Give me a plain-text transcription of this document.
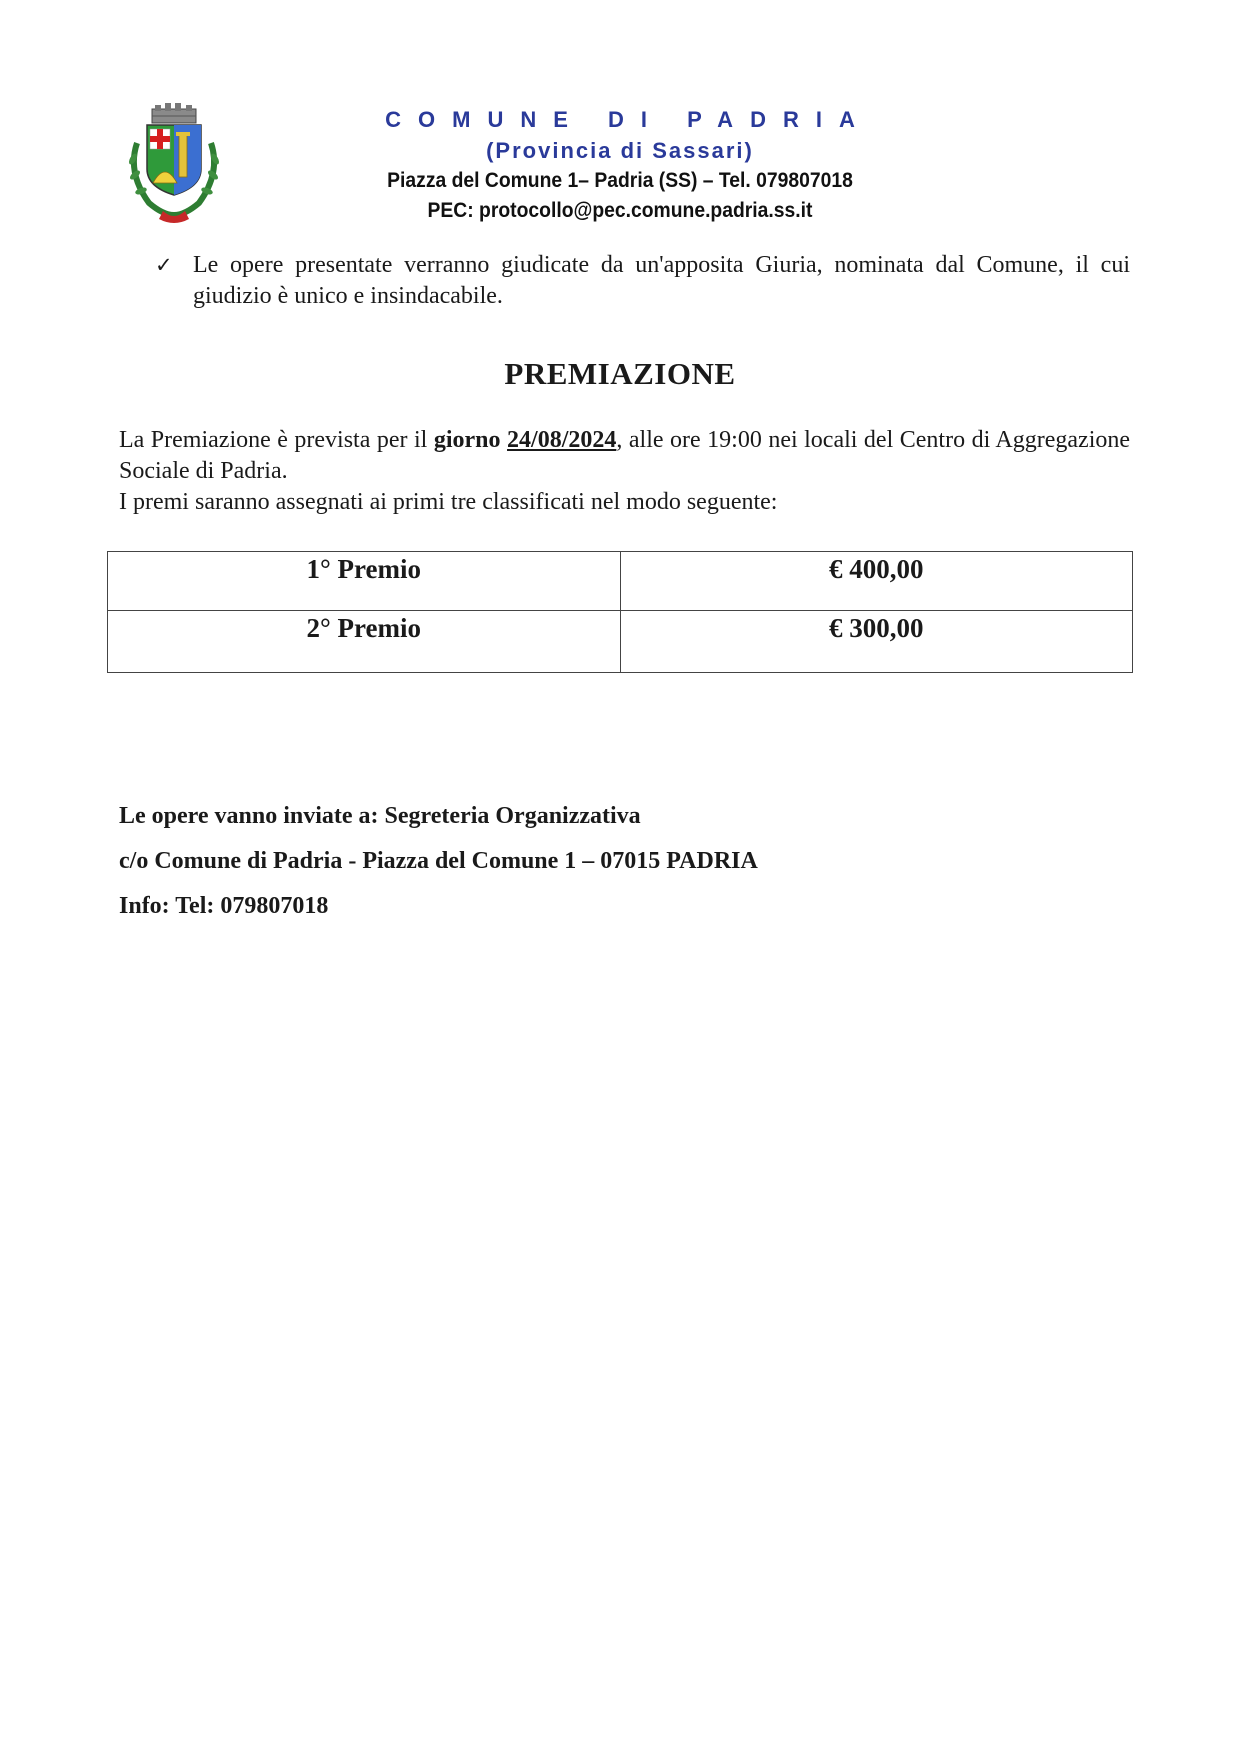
COMUNE DI PADRIA
(Provincia di Sassari)
Piazza del Comune 1– Padria (SS) – Tel. 079807018
PEC: protocollo@pec.comune.padria.ss.it
✓ Le opere presentate verranno giudicate da un'apposita Giuria, nominata dal Comune, il cui giudizio è unico e insindacabile.
PREMIAZIONE

La Premiazione è prevista per il giorno 24/08/2024, alle ore 19:00 nei locali del Centro di Aggregazione Sociale di Padria.

I premi saranno assegnati ai primi tre classificati nel modo seguente:

1° Premio	€ 400,00
2° Premio	€ 300,00
Le opere vanno inviate a: Segreteria Organizzativa
c/o Comune di Padria - Piazza del Comune 1 – 07015 PADRIA
Info: Tel: 079807018
